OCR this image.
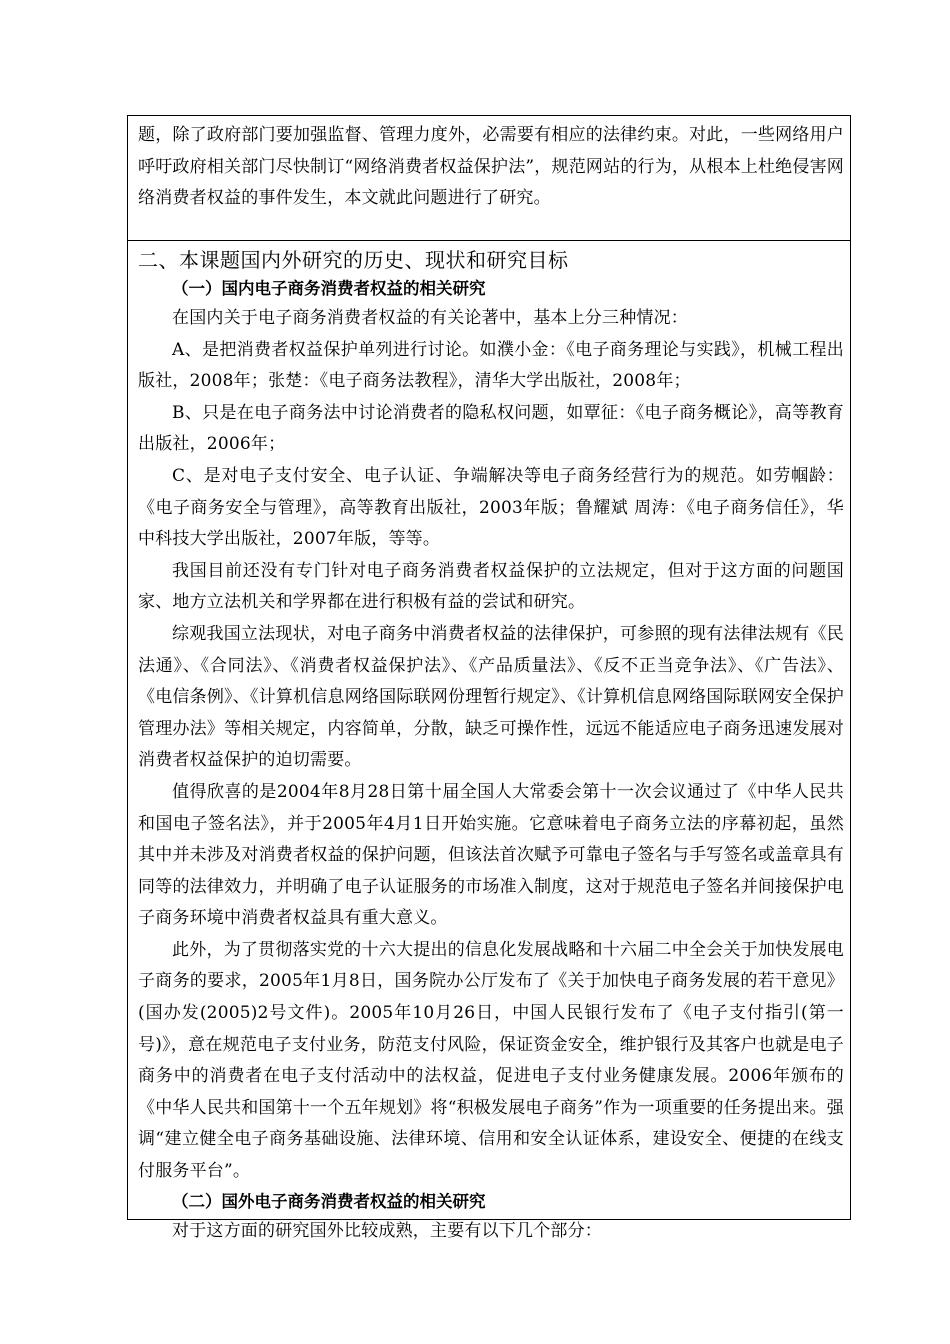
题，除了政府部门要加强监督、管理力度外，必需要有相应的法律约束。对此，一些网络用户呼吁政府相关部门尽快制订“网络消费者权益保护法”，规范网站的行为，从根本上杜绝侵害网络消费者权益的事件发生，本文就此问题进行了研究。

二、本课题国内外研究的历史、现状和研究目标
（一）国内电子商务消费者权益的相关研究

在国内关于电子商务消费者权益的有关论著中，基本上分三种情况：

A、是把消费者权益保护单列进行讨论。如濮小金：《电子商务理论与实践》，机械工程出版社，2008年；张楚：《电子商务法教程》，清华大学出版社，2008年；

B、只是在电子商务法中讨论消费者的隐私权问题，如覃征：《电子商务概论》，高等教育出版社，2006年；

C、是对电子支付安全、电子认证、争端解决等电子商务经营行为的规范。如劳帼龄：《电子商务安全与管理》，高等教育出版社，2003年版；鲁耀斌 周涛：《电子商务信任》，华中科技大学出版社，2007年版，等等。

我国目前还没有专门针对电子商务消费者权益保护的立法规定，但对于这方面的问题国家、地方立法机关和学界都在进行积极有益的尝试和研究。

综观我国立法现状，对电子商务中消费者权益的法律保护，可参照的现有法律法规有《民法通》、《合同法》、《消费者权益保护法》、《产品质量法》、《反不正当竞争法》、《广告法》、《电信条例》、《计算机信息网络国际联网份理暂行规定》、《计算机信息网络国际联网安全保护管理办法》等相关规定，内容简单，分散，缺乏可操作性，远远不能适应电子商务迅速发展对消费者权益保护的迫切需要。

值得欣喜的是2004年8月28日第十届全国人大常委会第十一次会议通过了《中华人民共和国电子签名法》，并于2005年4月1日开始实施。它意味着电子商务立法的序幕初起，虽然其中并未涉及对消费者权益的保护问题，但该法首次赋予可靠电子签名与手写签名或盖章具有同等的法律效力，并明确了电子认证服务的市场准入制度，这对于规范电子签名并间接保护电子商务环境中消费者权益具有重大意义。

此外，为了贯彻落实党的十六大提出的信息化发展战略和十六届二中全会关于加快发展电子商务的要求，2005年1月8日，国务院办公厅发布了《关于加快电子商务发展的若干意见》(国办发(2005)2号文件)。2005年10月26日，中国人民银行发布了《电子支付指引(第一号)》，意在规范电子支付业务，防范支付风险，保证资金安全，维护银行及其客户也就是电子商务中的消费者在电子支付活动中的法权益，促进电子支付业务健康发展。2006年颁布的《中华人民共和国第十一个五年规划》将“积极发展电子商务”作为一项重要的任务提出来。强调“建立健全电子商务基础设施、法律环境、信用和安全认证体系，建设安全、便捷的在线支付服务平台”。

（二）国外电子商务消费者权益的相关研究

对于这方面的研究国外比较成熟，主要有以下几个部分：
